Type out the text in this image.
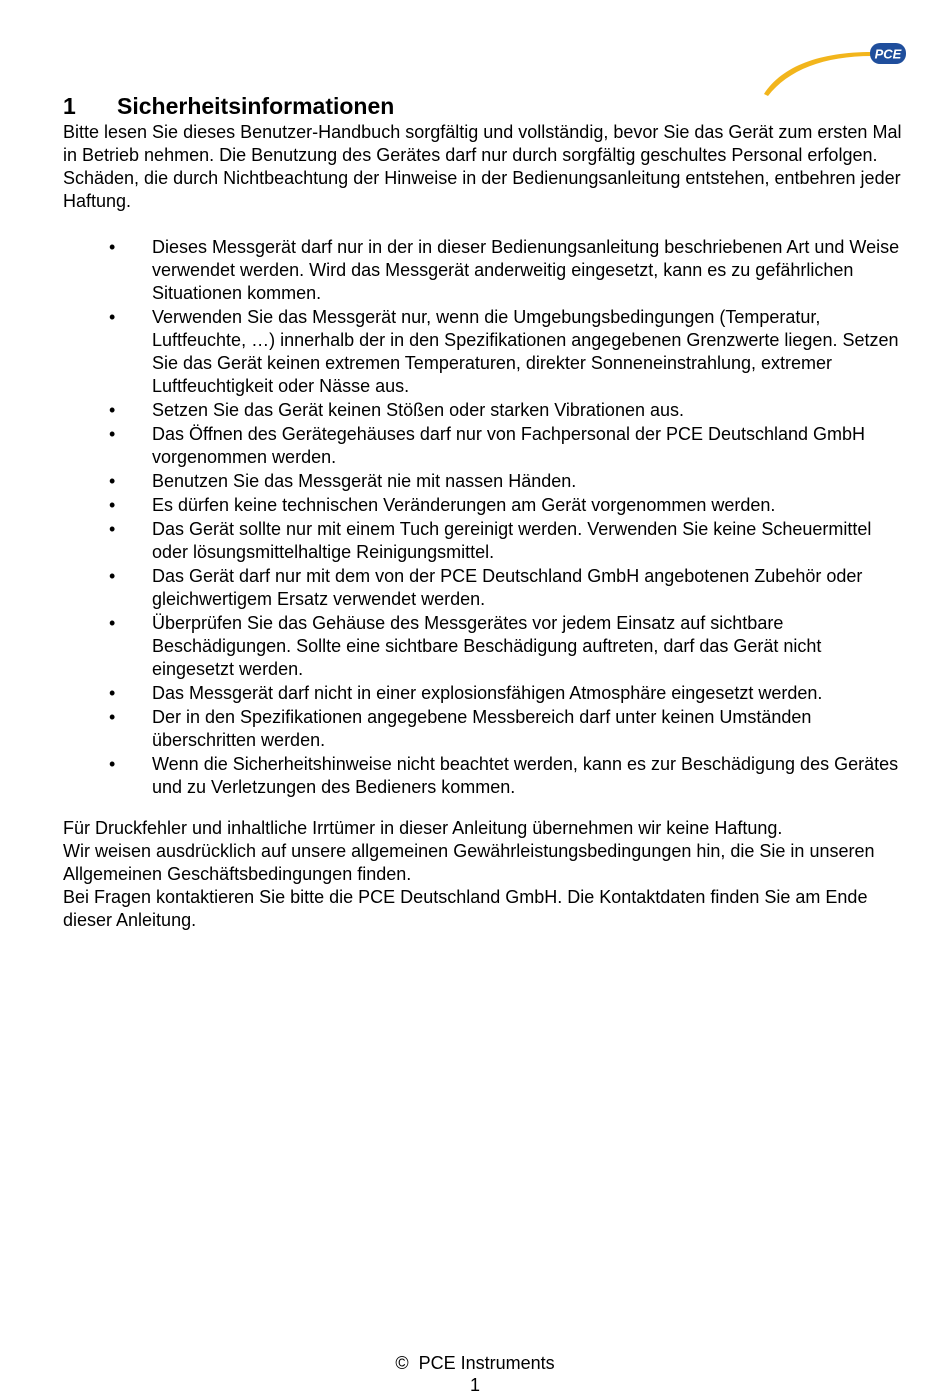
PCE
1 Sicherheitsinformationen

Bitte lesen Sie dieses Benutzer-Handbuch sorgfältig und vollständig, bevor Sie das Gerät zum ersten Mal in Betrieb nehmen. Die Benutzung des Gerätes darf nur durch sorgfältig geschultes Personal erfolgen. Schäden, die durch Nichtbeachtung der Hinweise in der Bedienungsanleitung entstehen, entbehren jeder Haftung.

• Dieses Messgerät darf nur in der in dieser Bedienungsanleitung beschriebenen Art und Weise verwendet werden. Wird das Messgerät anderweitig eingesetzt, kann es zu gefährlichen Situationen kommen.
• Verwenden Sie das Messgerät nur, wenn die Umgebungsbedingungen (Temperatur, Luftfeuchte, …) innerhalb der in den Spezifikationen angegebenen Grenzwerte liegen. Setzen Sie das Gerät keinen extremen Temperaturen, direkter Sonneneinstrahlung, extremer Luftfeuchtigkeit oder Nässe aus.
• Setzen Sie das Gerät keinen Stößen oder starken Vibrationen aus.
• Das Öffnen des Gerätegehäuses darf nur von Fachpersonal der PCE Deutschland GmbH vorgenommen werden.
• Benutzen Sie das Messgerät nie mit nassen Händen.
• Es dürfen keine technischen Veränderungen am Gerät vorgenommen werden.
• Das Gerät sollte nur mit einem Tuch gereinigt werden. Verwenden Sie keine Scheuermittel oder lösungsmittelhaltige Reinigungsmittel.
• Das Gerät darf nur mit dem von der PCE Deutschland GmbH angebotenen Zubehör oder gleichwertigem Ersatz verwendet werden.
• Überprüfen Sie das Gehäuse des Messgerätes vor jedem Einsatz auf sichtbare Beschädigungen. Sollte eine sichtbare Beschädigung auftreten, darf das Gerät nicht eingesetzt werden.
• Das Messgerät darf nicht in einer explosionsfähigen Atmosphäre eingesetzt werden.
• Der in den Spezifikationen angegebene Messbereich darf unter keinen Umständen überschritten werden.
• Wenn die Sicherheitshinweise nicht beachtet werden, kann es zur Beschädigung des Gerätes und zu Verletzungen des Bedieners kommen.
Für Druckfehler und inhaltliche Irrtümer in dieser Anleitung übernehmen wir keine Haftung.
Wir weisen ausdrücklich auf unsere allgemeinen Gewährleistungsbedingungen hin, die Sie in unseren Allgemeinen Geschäftsbedingungen finden.
Bei Fragen kontaktieren Sie bitte die PCE Deutschland GmbH. Die Kontaktdaten finden Sie am Ende dieser Anleitung.
© PCE Instruments
1
